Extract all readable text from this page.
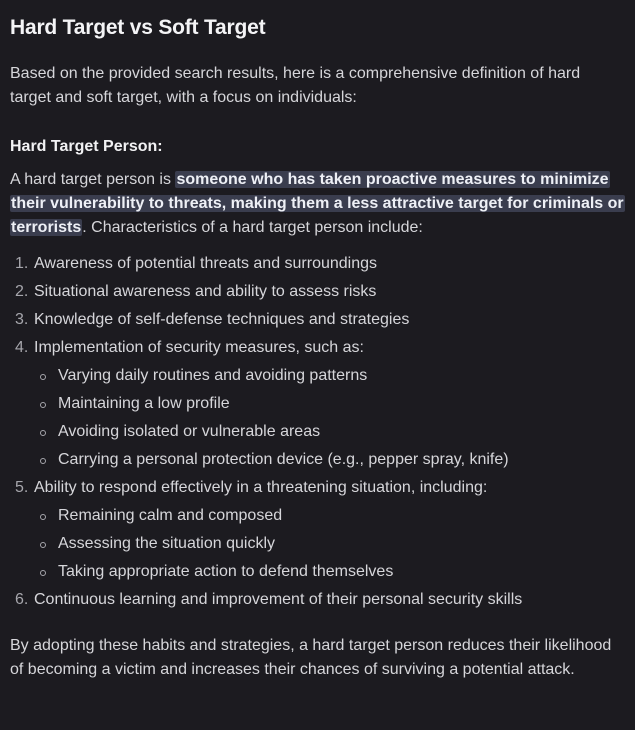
Hard Target vs Soft Target

Based on the provided search results, here is a comprehensive definition of hard target and soft target, with a focus on individuals:

Hard Target Person:

A hard target person is someone who has taken proactive measures to minimize their vulnerability to threats, making them a less attractive target for criminals or terrorists. Characteristics of a hard target person include:

1. Awareness of potential threats and surroundings
2. Situational awareness and ability to assess risks
3. Knowledge of self-defense techniques and strategies
4. Implementation of security measures, such as:
Varying daily routines and avoiding patterns
Maintaining a low profile
Avoiding isolated or vulnerable areas
Carrying a personal protection device (e.g., pepper spray, knife)
5. Ability to respond effectively in a threatening situation, including:
Remaining calm and composed
Assessing the situation quickly
Taking appropriate action to defend themselves
6. Continuous learning and improvement of their personal security skills

By adopting these habits and strategies, a hard target person reduces their likelihood of becoming a victim and increases their chances of surviving a potential attack.
